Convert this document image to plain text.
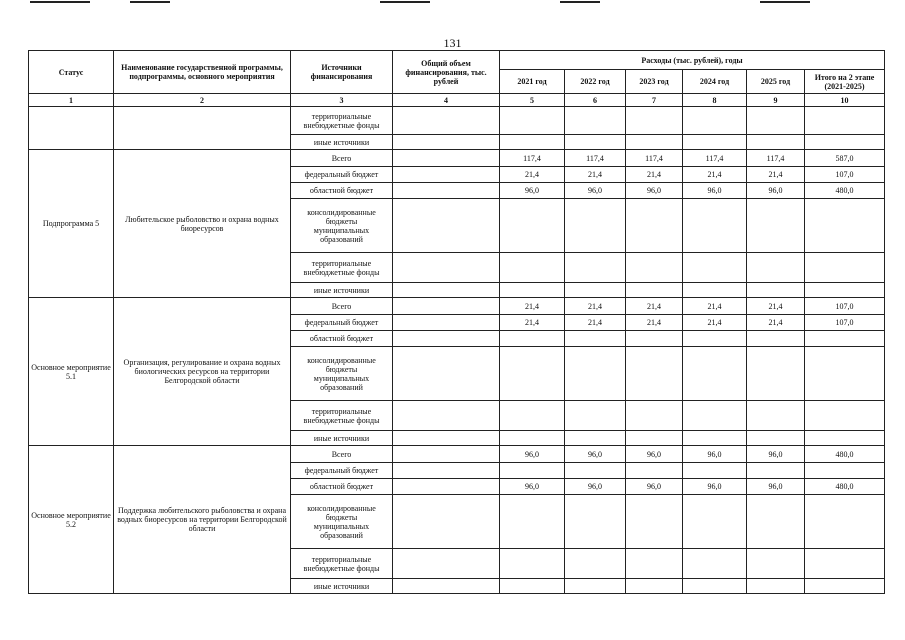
131
Статус	Наименование государственной программы, подпрограммы, основного мероприятия	Источники финансирования	Общий объем финансирования, тыс. рублей	Расходы (тыс. рублей), годы					
				2021 год	2022 год	2023 год	2024 год	2025 год	Итого на 2 этапе (2021-2025)
1	2	3	4	5	6	7	8	9	10
		территориальные внебюджетные фонды							
		иные источники							
Подпрограмма 5	Любительское рыболовство и охрана водных биоресурсов	Всего		117,4	117,4	117,4	117,4	117,4	587,0
		федеральный бюджет		21,4	21,4	21,4	21,4	21,4	107,0
		областной бюджет		96,0	96,0	96,0	96,0	96,0	480,0
		консолидированные бюджеты муниципальных образований							
		территориальные внебюджетные фонды							
		иные источники							
Основное мероприятие 5.1	Организация, регулирование и охрана водных биологических ресурсов на территории Белгородской области	Всего		21,4	21,4	21,4	21,4	21,4	107,0
		федеральный бюджет		21,4	21,4	21,4	21,4	21,4	107,0
		областной бюджет							
		консолидированные бюджеты муниципальных образований							
		территориальные внебюджетные фонды							
		иные источники							
Основное мероприятие 5.2	Поддержка любительского рыболовства и охрана водных биоресурсов на территории Белгородской области	Всего		96,0	96,0	96,0	96,0	96,0	480,0
		федеральный бюджет							
		областной бюджет		96,0	96,0	96,0	96,0	96,0	480,0
		консолидированные бюджеты муниципальных образований							
		территориальные внебюджетные фонды							
		иные источники							
